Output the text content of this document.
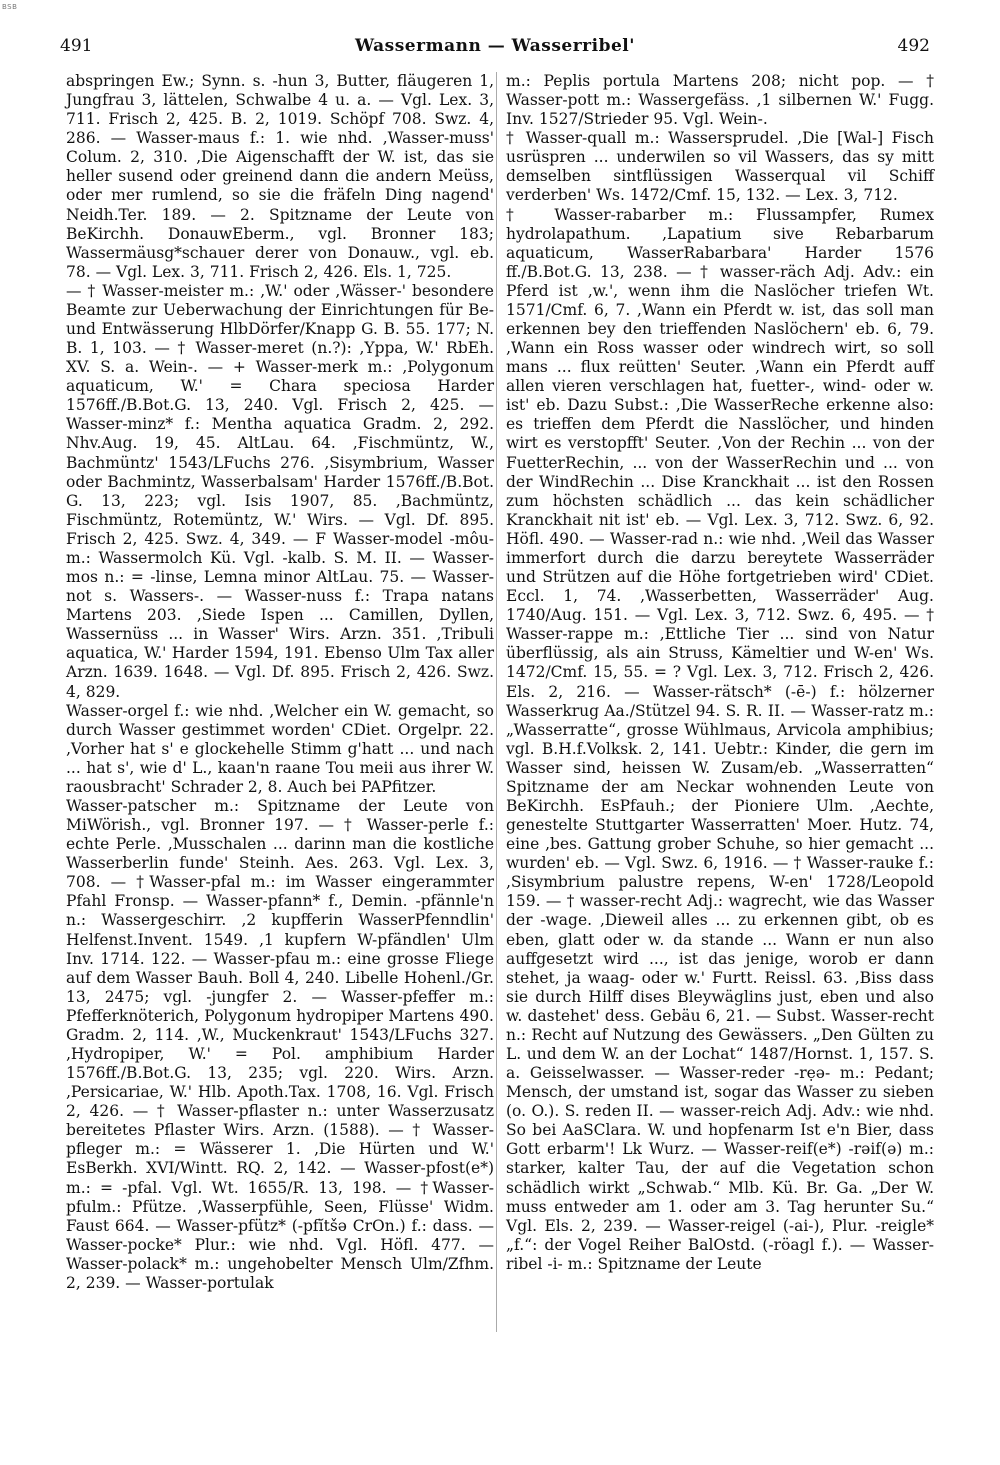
BSB
491	Wassermann — Wasserribel'	492

abspringen Ew.; Synn. s. -hun 3, Butter, fläugeren 1, Jungfrau 3, lättelen, Schwalbe 4 u. a. — Vgl. Lex. 3, 711. Frisch 2, 425. B. 2, 1019. Schöpf 708. Swz. 4, 286. — Wasser-maus f.: 1. wie nhd. ‚Wasser-muss' Colum. 2, 310. ‚Die Aigenschafft der W. ist, das sie heller susend oder greinend dann die andern Meüss, oder mer rumlend, so sie die fräfeln Ding nagend' Neidh.Ter. 189. — 2. Spitzname der Leute von BeKirchh. DonauwEberm., vgl. Bronner 183; Wassermäusg*schauer derer von Donauw., vgl. eb. 78. — Vgl. Lex. 3, 711. Frisch 2, 426. Els. 1, 725.

— † Wasser-meister m.: ‚W.' oder ‚Wässer-' besondere Beamte zur Ueberwachung der Einrichtungen für Be- und Entwässerung HlbDörfer/Knapp G. B. 55. 177; N. B. 1, 103. — † Wasser-meret (n.?): ‚Yppa, W.' RbEh. XV. S. a. Wein-. — + Wasser-merk m.: ‚Polygonum aquaticum, W.' = Chara speciosa Harder 1576ff./B.Bot.G. 13, 240. Vgl. Frisch 2, 425. — Wasser-minz* f.: Mentha aquatica Gradm. 2, 292. Nhv.Aug. 19, 45. AltLau. 64. ‚Fischmüntz, W., Bachmüntz' 1543/LFuchs 276. ‚Sisymbrium, Wasser oder Bachmintz, Wasserbalsam' Harder 1576ff./B.Bot. G. 13, 223; vgl. Isis 1907, 85. ‚Bachmüntz, Fischmüntz, Rotemüntz, W.' Wirs. — Vgl. Df. 895. Frisch 2, 425. Swz. 4, 349. — F Wasser-model -môu-m.: Wassermolch Kü. Vgl. -kalb. S. M. II. — Wasser-mos n.: = -linse, Lemna minor AltLau. 75. — Wasser-not s. Wassers-. — Wasser-nuss f.: Trapa natans Martens 203. ‚Siede Ispen ... Camillen, Dyllen, Wassernüss ... in Wasser' Wirs. Arzn. 351. ‚Tribuli aquatica, W.' Harder 1594, 191. Ebenso Ulm Tax aller Arzn. 1639. 1648. — Vgl. Df. 895. Frisch 2, 426. Swz. 4, 829.

Wasser-orgel f.: wie nhd. ‚Welcher ein W. gemacht, so durch Wasser gestimmet worden' CDiet. Orgelpr. 22. ‚Vorher hat s' e glockehelle Stimm g'hatt ... und nach ... hat s', wie d' L., kaan'n raane Tou meii aus ihrer W. raousbracht' Schrader 2, 8. Auch bei PAPfitzer.

Wasser-patscher m.: Spitzname der Leute von MiWörish., vgl. Bronner 197. — † Wasser-perle f.: echte Perle. ‚Musschalen ... darinn man die kostliche Wasserberlin funde' Steinh. Aes. 263. Vgl. Lex. 3, 708. — †Wasser-pfal m.: im Wasser eingerammter Pfahl Fronsp. — Wasser-pfann* f., Demin. -pfännle'n n.: Wassergeschirr. ‚2 kupfferin WasserPfenndlin' Helfenst.Invent. 1549. ‚1 kupfern W-pfändlen' Ulm Inv. 1714. 122. — Wasser-pfau m.: eine grosse Fliege auf dem Wasser Bauh. Boll 4, 240. Libelle Hohenl./Gr. 13, 2475; vgl. -jungfer 2. — Wasser-pfeffer m.: Pfefferknöterich, Polygonum hydropiper Martens 490. Gradm. 2, 114. ‚W., Muckenkraut' 1543/LFuchs 327. ‚Hydropiper, W.' = Pol. amphibium Harder 1576ff./B.Bot.G. 13, 235; vgl. 220. Wirs. Arzn. ‚Persicariae, W.' Hlb. Apoth.Tax. 1708, 16. Vgl. Frisch 2, 426. — † Wasser-pflaster n.: unter Wasserzusatz bereitetes Pflaster Wirs. Arzn. (1588). — † Wasser-pfleger m.: = Wässerer 1. ‚Die Hürten und W.' EsBerkh. XVI/Wintt. RQ. 2, 142. — Wasser-pfost(e*) m.: = -pfal. Vgl. Wt. 1655/R. 13, 198. — †Wasser-pfulm.: Pfütze. ‚Wasserpfühle, Seen, Flüsse' Widm. Faust 664. — Wasser-pfütz* (-pfĭtšə CrOn.) f.: dass. — Wasser-pocke* Plur.: wie nhd. Vgl. Höfl. 477. — Wasser-polack* m.: ungehobelter Mensch Ulm/Zfhm. 2, 239. — Wasser-portulak

m.: Peplis portula Martens 208; nicht pop. — † Wasser-pott m.: Wassergefäss. ‚1 silbernen W.' Fugg. Inv. 1527/Strieder 95. Vgl. Wein-.

† Wasser-quall m.: Wassersprudel. ‚Die [Wal-] Fisch usrüspren ... underwilen so vil Wassers, das sy mitt demselben sintflüssigen Wasserqual vil Schiff verderben' Ws. 1472/Cmf. 15, 132. — Lex. 3, 712.

† Wasser-rabarber m.: Flussampfer, Rumex hydrolapathum. ‚Lapatium sive Rebarbarum aquaticum, WasserRabarbara' Harder 1576 ff./B.Bot.G. 13, 238. — † wasser-räch Adj. Adv.: ein Pferd ist ‚w.', wenn ihm die Naslöcher triefen Wt. 1571/Cmf. 6, 7. ‚Wann ein Pferdt w. ist, das soll man erkennen bey den trieffenden Naslöchern' eb. 6, 79. ‚Wann ein Ross wasser oder windrech wirt, so soll mans ... flux reütten' Seuter. ‚Wann ein Pferdt auff allen vieren verschlagen hat, fuetter-, wind- oder w. ist' eb. Dazu Subst.: ‚Die WasserReche erkenne also: es trieffen dem Pferdt die Nasslöcher, und hinden wirt es verstopfft' Seuter. ‚Von der Rechin ... von der FuetterRechin, ... von der WasserRechin und ... von der WindRechin ... Dise Kranckhait ... ist den Rossen zum höchsten schädlich ... das kein schädlicher Kranckhait nit ist' eb. — Vgl. Lex. 3, 712. Swz. 6, 92. Höfl. 490. — Wasser-rad n.: wie nhd. ‚Weil das Wasser immerfort durch die darzu bereytete Wasserräder und Strützen auf die Höhe fortgetrieben wird' CDiet. Eccl. 1, 74. ‚Wasserbetten, Wasserräder' Aug. 1740/Aug. 151. — Vgl. Lex. 3, 712. Swz. 6, 495. — † Wasser-rappe m.: ‚Ettliche Tier ... sind von Natur überflüssig, als ain Struss, Kämeltier und W-en' Ws. 1472/Cmf. 15, 55. = ? Vgl. Lex. 3, 712. Frisch 2, 426. Els. 2, 216. — Wasser-rätsch* (-ē-) f.: hölzerner Wasserkrug Aa./Stützel 94. S. R. II. — Wasser-ratz m.: „Wasserratte“, grosse Wühlmaus, Arvicola amphibius; vgl. B.H.f.Volksk. 2, 141. Uebtr.: Kinder, die gern im Wasser sind, heissen W. Zusam/eb. „Wasserratten“ Spitzname der am Neckar wohnenden Leute von BeKirchh. EsPfauh.; der Pioniere Ulm. ‚Aechte, genestelte Stuttgarter Wasserratten' Moer. Hutz. 74, eine ‚bes. Gattung grober Schuhe, so hier gemacht ... wurden' eb. — Vgl. Swz. 6, 1916. — † Wasser-rauke f.: ‚Sisymbrium palustre repens, W-en' 1728/Leopold 159. — † wasser-recht Adj.: wagrecht, wie das Wasser der -wage. ‚Dieweil alles ... zu erkennen gibt, ob es eben, glatt oder w. da stande ... Wann er nun also auffgesetzt wird ..., ist das jenige, worob er dann stehet, ja waag- oder w.' Furtt. Reissl. 63. ‚Biss dass sie durch Hilff dises Bleywäglins just, eben und also w. dastehet' dess. Gebäu 6, 21. — Subst. Wasser-recht n.: Recht auf Nutzung des Gewässers. „Den Gülten zu L. und dem W. an der Lochat“ 1487/Hornst. 1, 157. S. a. Geisselwasser. — Wasser-reder -rẹə- m.: Pedant; Mensch, der umstand ist, sogar das Wasser zu sieben (o. O.). S. reden II. — wasser-reich Adj. Adv.: wie nhd. So bei AaSClara. W. und hopfenarm Ist e'n Bier, dass Gott erbarm'! Lk Wurz. — Wasser-reif(e*) -rəif(ə) m.: starker, kalter Tau, der auf die Vegetation schon schädlich wirkt „Schwab.“ Mlb. Kü. Br. Ga. „Der W. muss entweder am 1. oder am 3. Tag herunter Su.“ Vgl. Els. 2, 239. — Wasser-reigel (-ai-), Plur. -reigle* „f.“: der Vogel Reiher BalOstd. (-röagl f.). — Wasser-ribel -i- m.: Spitzname der Leute
